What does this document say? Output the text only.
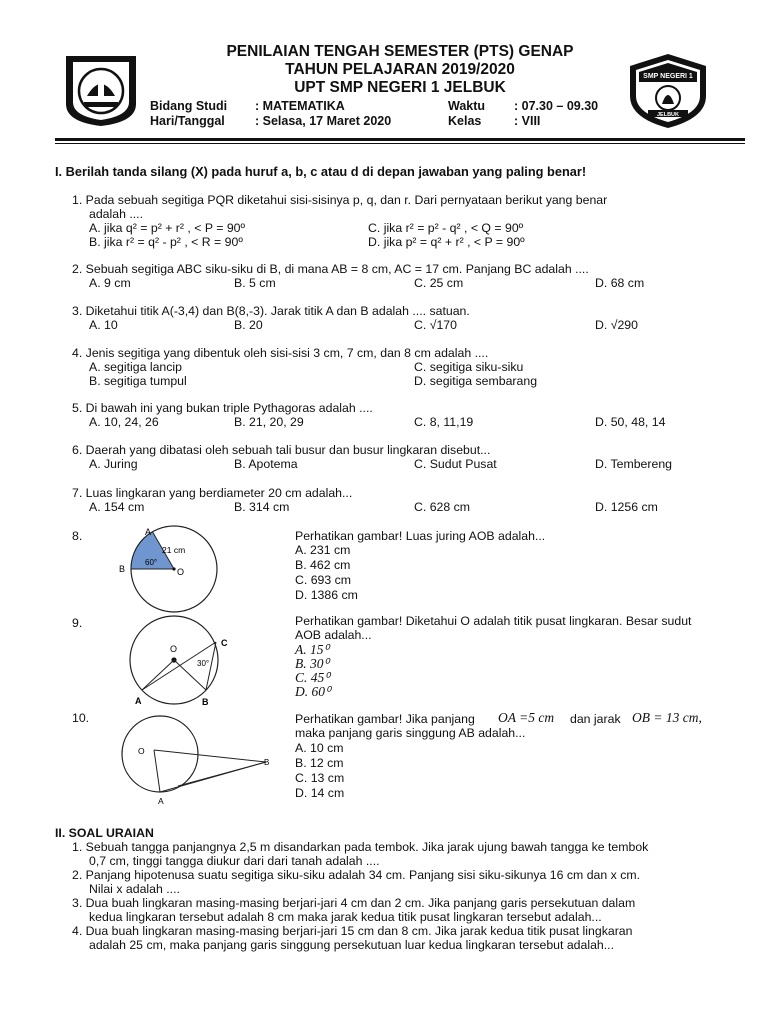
SMP NEGERI 1
JELBUK
PENILAIAN TENGAH SEMESTER (PTS) GENAP
TAHUN PELAJARAN 2019/2020
UPT SMP NEGERI 1 JELBUK
Bidang Studi : MATEMATIKA
Hari/Tanggal : Selasa, 17 Maret 2020
Waktu : 07.30 – 09.30
Kelas	: VIII
I. Berilah tanda silang (X) pada huruf a, b, c atau d di depan jawaban yang paling benar!
1. Pada sebuah segitiga PQR diketahui sisi-sisinya p, q, dan r. Dari pernyataan berikut yang benar
adalah ....
A. jika q² = p² + r² , < P = 90º
B. jika r² = q² - p² , < R = 90º
C. jika r² = p² - q² , < Q = 90º
D. jika p² = q² + r² , < P = 90º
2. Sebuah segitiga ABC siku-siku di B, di mana AB = 8 cm, AC = 17 cm. Panjang BC adalah ....
A. 9 cm	B. 5 cm	C. 25 cm	D. 68 cm
3. Diketahui titik A(-3,4) dan B(8,-3). Jarak titik A dan B adalah .... satuan.
A. 10	B. 20	C. √170	D. √290
4. Jenis segitiga yang dibentuk oleh sisi-sisi 3 cm, 7 cm, dan 8 cm adalah ....
A. segitiga lancip
B. segitiga tumpul
C. segitiga siku-siku
D. segitiga sembarang
5. Di bawah ini yang bukan triple Pythagoras adalah ....
A. 10, 24, 26	B. 21, 20, 29	C. 8, 11,19	D. 50, 48, 14
6. Daerah yang dibatasi oleh sebuah tali busur dan busur lingkaran disebut...
A. Juring	B. Apotema	C. Sudut Pusat	D. Tembereng
7. Luas lingkaran yang berdiameter 20 cm adalah...
A. 154 cm	B. 314 cm	C. 628 cm	D. 1256 cm
8.	A
B	O
21 cm
60°
Perhatikan gambar! Luas juring AOB adalah...
A. 231 cm
B. 462 cm
C. 693 cm
D. 1386 cm
9.
O
C
A	B
30°
Perhatikan gambar! Diketahui O adalah titik pusat lingkaran. Besar sudut
AOB adalah...
A. 15⁰
B. 30⁰
C. 45⁰
D. 60⁰
10.
O
B
A
Perhatikan gambar! Jika panjang OA =5 cm dan jarak OB = 13 cm,
maka panjang garis singgung AB adalah...
A. 10 cm
B. 12 cm
C. 13 cm
D. 14 cm
II. SOAL URAIAN
1. Sebuah tangga panjangnya 2,5 m disandarkan pada tembok. Jika jarak ujung bawah tangga ke tembok
0,7 cm, tinggi tangga diukur dari dari tanah adalah ....
2. Panjang hipotenusa suatu segitiga siku-siku adalah 34 cm. Panjang sisi siku-sikunya 16 cm dan x cm.
Nilai x adalah ....
3. Dua buah lingkaran masing-masing berjari-jari 4 cm dan 2 cm. Jika panjang garis persekutuan dalam
kedua lingkaran tersebut adalah 8 cm maka jarak kedua titik pusat lingkaran tersebut adalah...
4. Dua buah lingkaran masing-masing berjari-jari 15 cm dan 8 cm. Jika jarak kedua titik pusat lingkaran
adalah 25 cm, maka panjang garis singgung persekutuan luar kedua lingkaran tersebut adalah...
